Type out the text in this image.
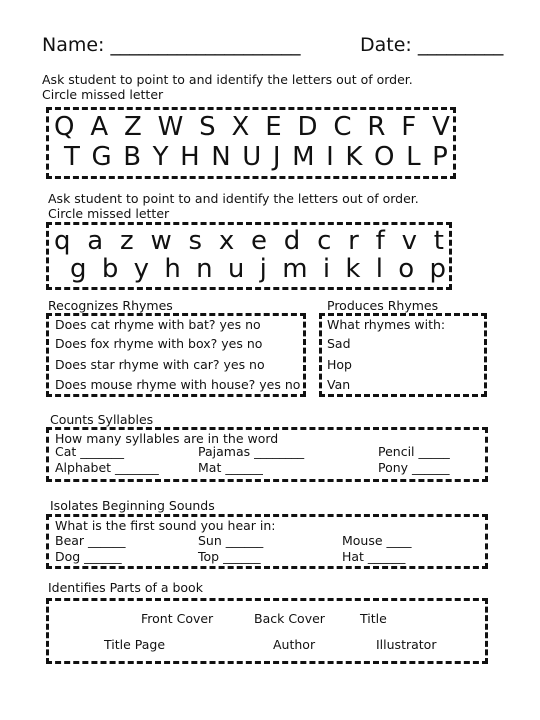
Name: ____________________	Date: _________
Ask student to point to and identify the letters out of order.
Circle missed letter
Q A Z W S X E D C R F V
T G B Y H N U J M I K O L P
Ask student to point to and identify the letters out of order.
Circle missed letter
q a z w s x e d c r f v t
g b y h n u j m i k l o p
Recognizes Rhymes
Does cat rhyme with bat? yes no
Does fox rhyme with box? yes no
Does star rhyme with car? yes no
Does mouse rhyme with house? yes no
Produces Rhymes
What rhymes with:
Sad
Hop
Van
Counts Syllables
How many syllables are in the word
Cat _______	Pajamas ________	Pencil _____
Alphabet _______	Mat ______	Pony ______
Isolates Beginning Sounds
What is the first sound you hear in:
Bear ______	Sun ______	Mouse ____
Dog ______	Top ______	Hat ______
Identifies Parts of a book
Front Cover	Back Cover	Title
Title Page	Author	Illustrator
